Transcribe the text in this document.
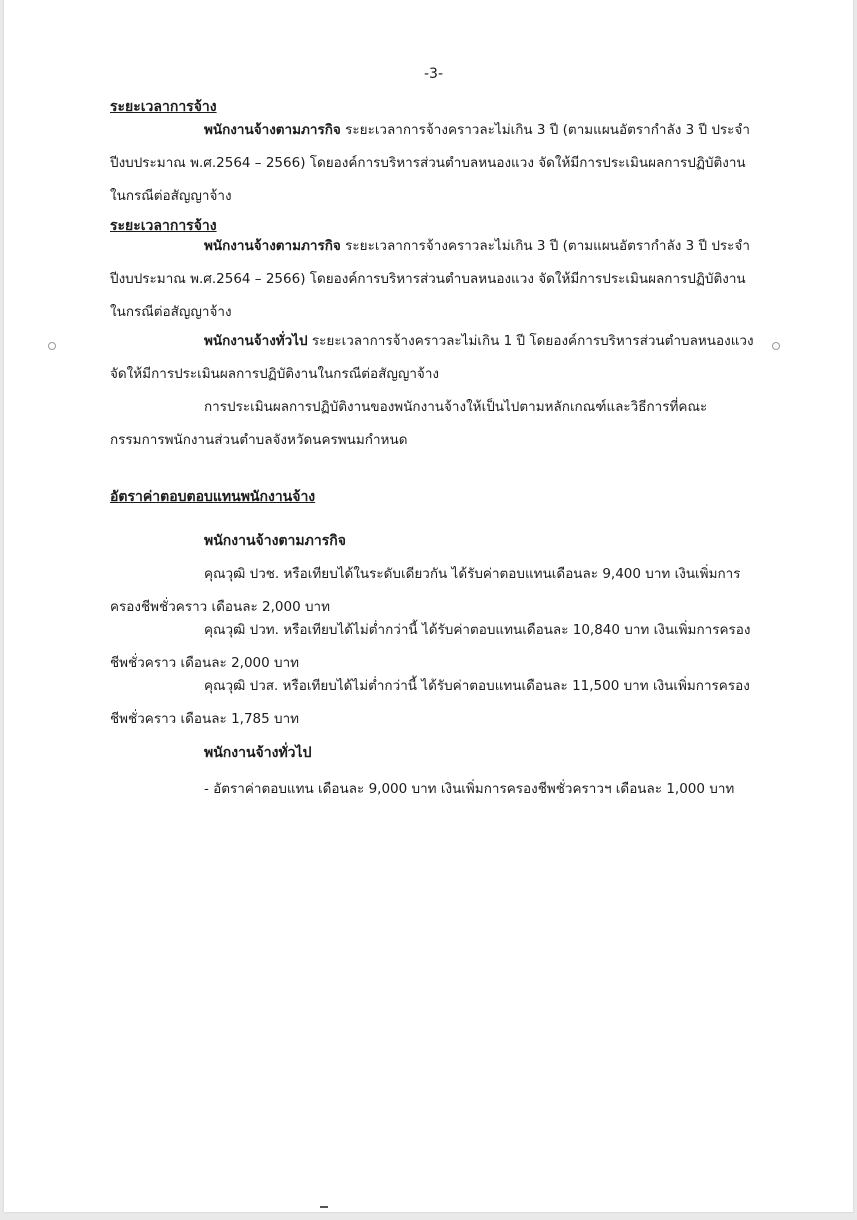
-3-

ระยะเวลาการจ้าง

พนักงานจ้างตามภารกิจ ระยะเวลาการจ้างคราวละไม่เกิน 3 ปี (ตามแผนอัตรากำลัง 3 ปี ประจำปีงบประมาณ พ.ศ.2564 – 2566) โดยองค์การบริหารส่วนตำบลหนองแวง จัดให้มีการประเมินผลการปฏิบัติงานในกรณีต่อสัญญาจ้าง

ระยะเวลาการจ้าง

พนักงานจ้างตามภารกิจ ระยะเวลาการจ้างคราวละไม่เกิน 3 ปี (ตามแผนอัตรากำลัง 3 ปี ประจำปีงบประมาณ พ.ศ.2564 – 2566) โดยองค์การบริหารส่วนตำบลหนองแวง จัดให้มีการประเมินผลการปฏิบัติงานในกรณีต่อสัญญาจ้าง

พนักงานจ้างทั่วไป ระยะเวลาการจ้างคราวละไม่เกิน 1 ปี โดยองค์การบริหารส่วนตำบลหนองแวง จัดให้มีการประเมินผลการปฏิบัติงานในกรณีต่อสัญญาจ้าง

การประเมินผลการปฏิบัติงานของพนักงานจ้างให้เป็นไปตามหลักเกณฑ์และวิธีการที่คณะกรรมการพนักงานส่วนตำบลจังหวัดนครพนมกำหนด

อัตราค่าตอบตอบแทนพนักงานจ้าง

พนักงานจ้างตามภารกิจ

คุณวุฒิ ปวช. หรือเทียบได้ในระดับเดียวกัน ได้รับค่าตอบแทนเดือนละ 9,400 บาท เงินเพิ่มการครองชีพชั่วคราว เดือนละ 2,000 บาท

คุณวุฒิ ปวท. หรือเทียบได้ไม่ต่ำกว่านี้ ได้รับค่าตอบแทนเดือนละ 10,840 บาท เงินเพิ่มการครองชีพชั่วคราว เดือนละ 2,000 บาท

คุณวุฒิ ปวส. หรือเทียบได้ไม่ต่ำกว่านี้ ได้รับค่าตอบแทนเดือนละ 11,500 บาท เงินเพิ่มการครองชีพชั่วคราว เดือนละ 1,785 บาท

พนักงานจ้างทั่วไป

- อัตราค่าตอบแทน เดือนละ 9,000 บาท เงินเพิ่มการครองชีพชั่วคราวฯ เดือนละ 1,000 บาท
